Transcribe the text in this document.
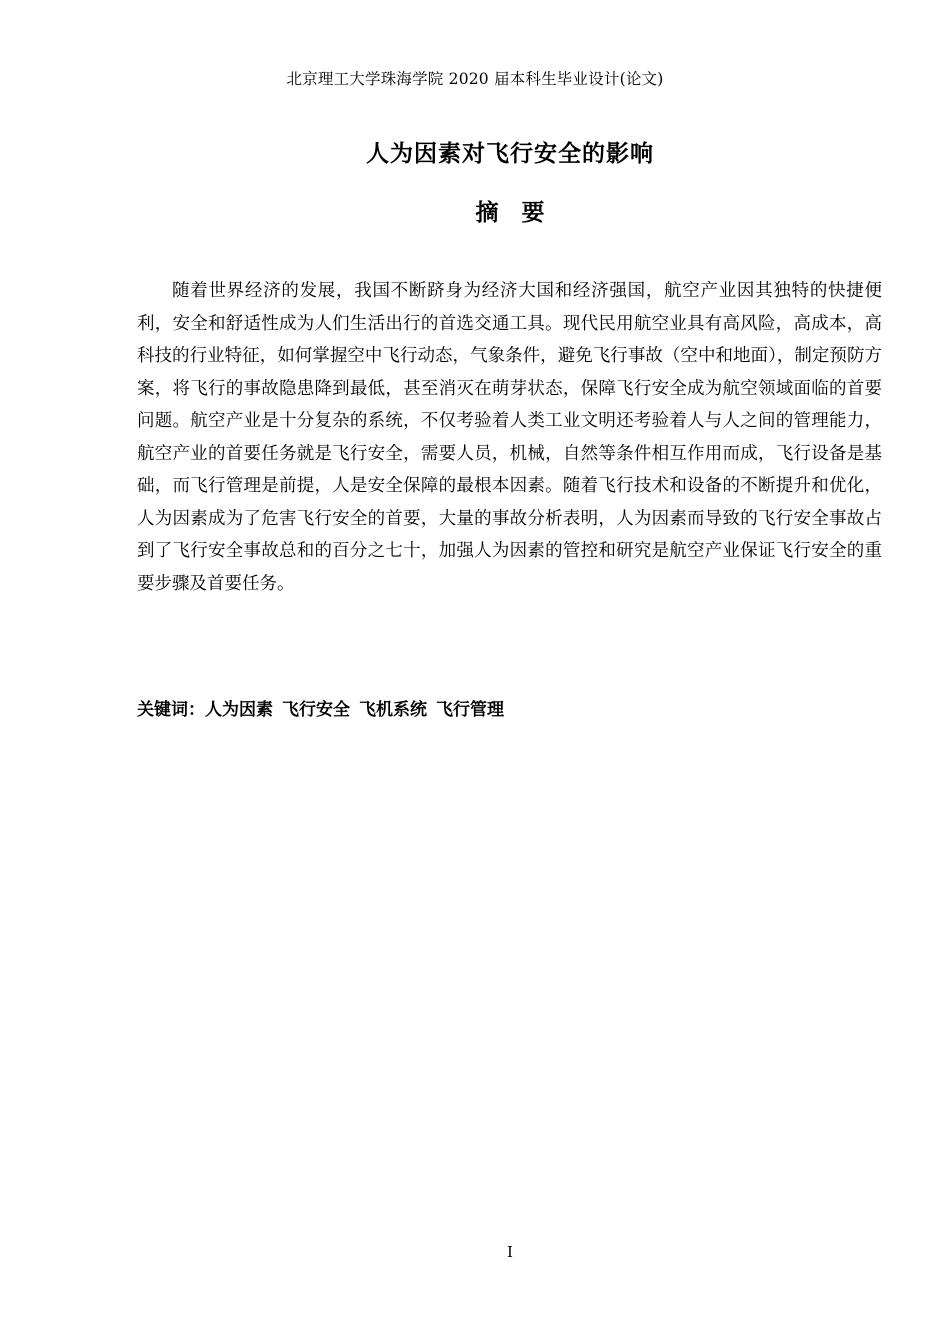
北京理工大学珠海学院 2020 届本科生毕业设计(论文)
人为因素对飞行安全的影响
摘　要

随着世界经济的发展，我国不断跻身为经济大国和经济强国，航空产业因其独特的快捷便利，安全和舒适性成为人们生活出行的首选交通工具。现代民用航空业具有高风险，高成本，高科技的行业特征，如何掌握空中飞行动态，气象条件，避免飞行事故（空中和地面），制定预防方案，将飞行的事故隐患降到最低，甚至消灭在萌芽状态，保障飞行安全成为航空领域面临的首要问题。航空产业是十分复杂的系统，不仅考验着人类工业文明还考验着人与人之间的管理能力，航空产业的首要任务就是飞行安全，需要人员，机械，自然等条件相互作用而成，飞行设备是基础，而飞行管理是前提，人是安全保障的最根本因素。随着飞行技术和设备的不断提升和优化，人为因素成为了危害飞行安全的首要，大量的事故分析表明，人为因素而导致的飞行安全事故占到了飞行安全事故总和的百分之七十，加强人为因素的管控和研究是航空产业保证飞行安全的重要步骤及首要任务。

关键词：人为因素 飞行安全 飞机系统 飞行管理
I
